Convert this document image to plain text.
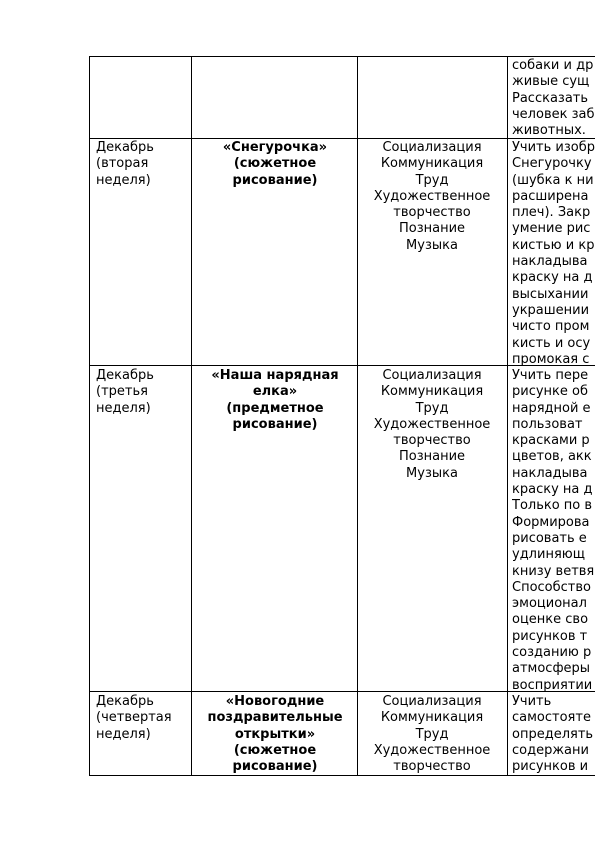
собаки и др
живые сущ
Рассказать
человек заб
животных.
Декабрь
(вторая
неделя)
«Снегурочка»
(сюжетное
рисование)
Социализация
Коммуникация
Труд
Художественное
творчество
Познание
Музыка
Учить изобр
Снегурочку
(шубка к ни
расширена
плеч). Закр
умение рис
кистью и кр
накладыва
краску на д
высыхании
украшении
чисто пром
кисть и осу
промокая с
Декабрь
(третья
неделя)
«Наша нарядная
елка»
(предметное
рисование)
Социализация
Коммуникация
Труд
Художественное
творчество
Познание
Музыка
Учить пере
рисунке об
нарядной е
пользоват
красками р
цветов, акк
накладыва
краску на д
Только по в
Формирова
рисовать е
удлиняющ
книзу ветвя
Способство
эмоционал
оценке сво
рисунков т
созданию р
атмосферы
восприятии
Декабрь
(четвертая
неделя)
«Новогодние
поздравительные
открытки»
(сюжетное
рисование)
Социализация
Коммуникация
Труд
Художественное
творчество
Учить
самостояте
определять
содержани
рисунков и
